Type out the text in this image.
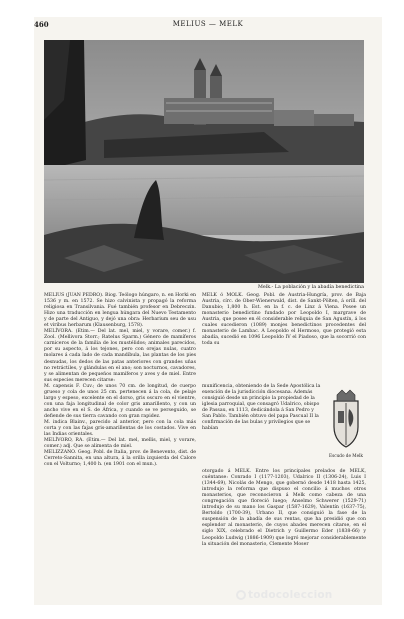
460	MELIUS — MELK
Melk.- La población y la abadía benedictina

MELIUS (JUAN PEDRO). Biog. Teólogo húngaro, n. en Horki en 1536 y m. en 1572. Se hizo calvinista y propagó la reforma religiosa en Transilvania. Fué también profesor en Debreczin. Hizo una traducción en lengua húngara del Nuevo Testamento y de parte del Antiguo, y dejó una obra: Herbarium seu de usu et viribus herbarum (Klausenburg, 1578).

MELÍVORA. (Etim.— Del lat. mel, miel, y vorare, comer.) f. Zool. (Mellivora Storr.; Ratelus Sparm.) Género de mamíferos carniceros de la familia de los mustélidos; animales parecidos, por su aspecto, á los tejones, pero con orejas nulas, cuatro molares á cada lado de cada mandíbula, las plantas de los pies desnudas, los dedos de las patas anteriores con grandes uñas no retráctiles, y glándulas en el ano; son nocturnos, cavadores, y se alimentan de pequeños mamíferos y aves y de miel. Entre sus especies merecen citarse:

M. capensis F. Cuv.; de unos 70 cm. de longitud, de cuerpo grueso y cola de unos 25 cm. pertenecen á la cola, de pelaje largo y espeso, excelente en el dorso, gris oscuro en el vientre, con una faja longitudinal de color gris amarillento, y con un ancho vive en el S. de África, y cuando se ve perseguido, se defiende de sus tierra cavando con gran rapidez.

M. indica Blainv., parecido al anterior, pero con la cola más corta y con las fajas gris-amarillentas de los costados. Vive en las Indias orientales.

MELÍVORO, RA. (Etim.— Del lat. mel, mellis, miel, y vorare, comer.) adj. Que se alimenta de miel.

MELIZZANO. Geog. Pobl. de Italia, prov. de Benevento, dist. de Cerreto-Sannita, en una altura, á la orilla izquierda del Calore con el Volturno; 1,400 h. (en 1901 con el mun.).

MELK ó MOLK. Geog. Pobl. de Austria-Hungría, prov. de Baja Austria, círc. de Ober-Wienerwald, dist. de Sankt-Pölten, á orill. del Danubio; 1,800 h. Est. en la f. c. de Linz á Viena. Posee un monasterio benedictino fundado por Leopoldo I, margrave de Austria, que posee en él considerable reliquia de San Agustín, á los cuales sucedieron (1089) monjes benedictinos procedentes del monasterio de Lambac. A Leopoldo el Hermoso, que protegió esta abadía, sucedió en 1096 Leopoldo IV el Piadoso, que la socorrió con toda su
munificencia, obteniendo de la Sede Apostólica la exención de la jurisdicción diocesana. Además consiguió desde un principio la propiedad de la iglesia parroquial, que consagró Udalrico, obispo de Passau, en 1113, dedicándola á San Pedro y San Pablo. También obtuvo del papa Pascual II la confirmación de las bulas y privilegios que se habían
Escudo de Melk
otorgado á MELK. Entre los principales prelados de MELK, cuéntanse: Conrado I (1177-1203), Udalrico II (1306-24), Luis I (1344-69), Nicolás de Mengo, que gobernó desde 1418 hasta 1425, introdujo la reforma que dispuso el concilio á muchos otros monasterios, que reconocieron á Melk como cabeza de una congregación que floreció luego; Anselmo Schwerer (1529-71) introdujo de su mano los Gaspar (1587-1629), Valentín (1637-75), Bertoldo (1700-39), Urbano II, que consiguió la fase de la suspensión de la abadía de sus rentas, que ha presidió que con esplendor al monasterio, de cuyos abades merecen citarse, en el siglo XIX, celebrado el Dietrich y Guillermo Eder (1838-66) y Leopoldo Ludwig (1886-1909) que logró mejorar considerablemente la situación del monasterio, Clemente Moser
todocoleccion
